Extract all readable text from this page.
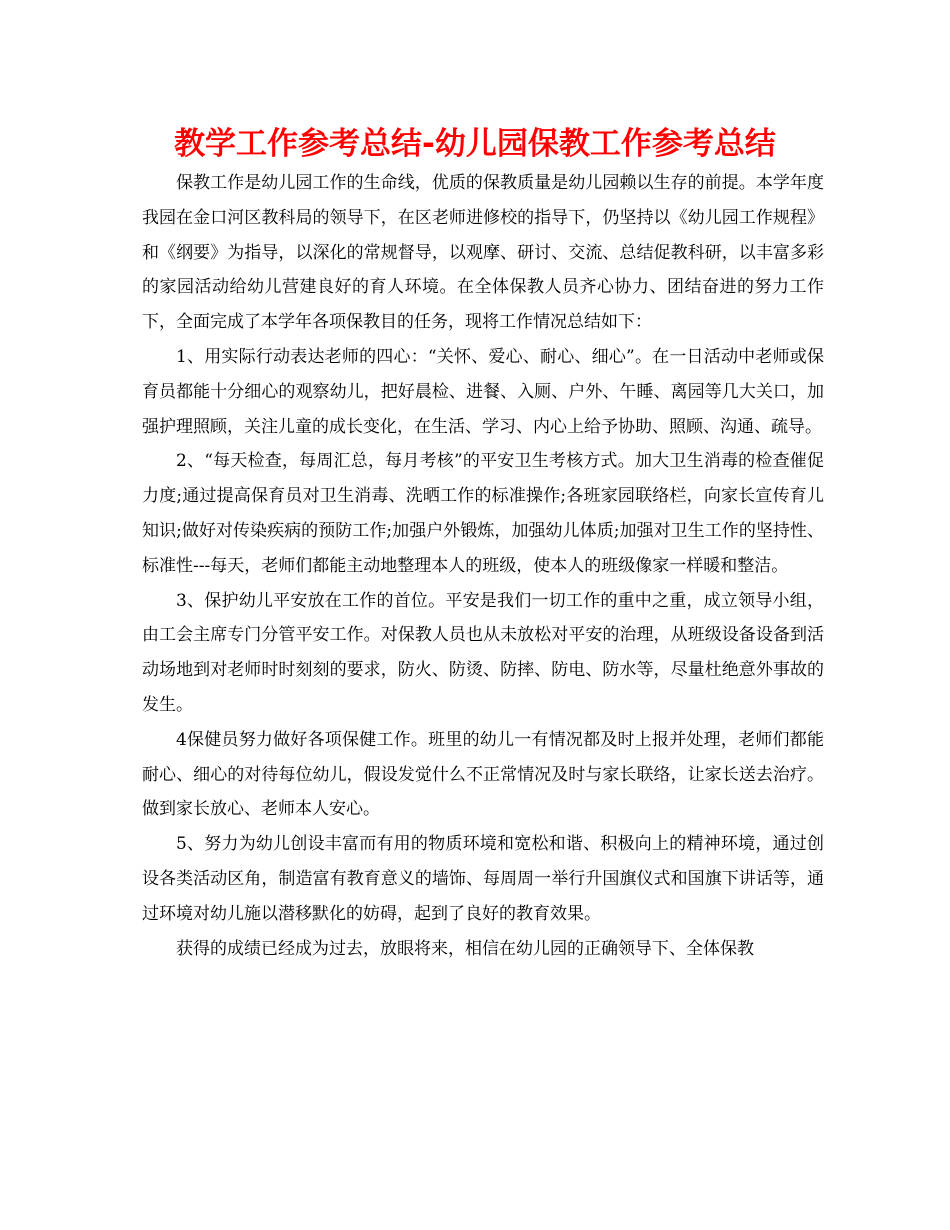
教学工作参考总结-幼儿园保教工作参考总结

保教工作是幼儿园工作的生命线，优质的保教质量是幼儿园赖以生存的前提。本学年度我园在金口河区教科局的领导下，在区老师进修校的指导下，仍坚持以《幼儿园工作规程》和《纲要》为指导，以深化的常规督导，以观摩、研讨、交流、总结促教科研，以丰富多彩的家园活动给幼儿营建良好的育人环境。在全体保教人员齐心协力、团结奋进的努力工作下，全面完成了本学年各项保教目的任务，现将工作情况总结如下：

1、用实际行动表达老师的四心：“关怀、爱心、耐心、细心”。在一日活动中老师或保育员都能十分细心的观察幼儿，把好晨检、进餐、入厕、户外、午睡、离园等几大关口，加强护理照顾，关注儿童的成长变化，在生活、学习、内心上给予协助、照顾、沟通、疏导。

2、“每天检查，每周汇总，每月考核”的平安卫生考核方式。加大卫生消毒的检查催促力度;通过提高保育员对卫生消毒、洗晒工作的标准操作;各班家园联络栏，向家长宣传育儿知识;做好对传染疾病的预防工作;加强户外锻炼，加强幼儿体质;加强对卫生工作的坚持性、标准性---每天，老师们都能主动地整理本人的班级，使本人的班级像家一样暖和整洁。

3、保护幼儿平安放在工作的首位。平安是我们一切工作的重中之重，成立领导小组，由工会主席专门分管平安工作。对保教人员也从未放松对平安的治理，从班级设备设备到活动场地到对老师时时刻刻的要求，防火、防烫、防摔、防电、防水等，尽量杜绝意外事故的发生。

4保健员努力做好各项保健工作。班里的幼儿一有情况都及时上报并处理，老师们都能耐心、细心的对待每位幼儿，假设发觉什么不正常情况及时与家长联络，让家长送去治疗。做到家长放心、老师本人安心。

5、努力为幼儿创设丰富而有用的物质环境和宽松和谐、积极向上的精神环境，通过创设各类活动区角，制造富有教育意义的墙饰、每周周一举行升国旗仪式和国旗下讲话等，通过环境对幼儿施以潜移默化的妨碍，起到了良好的教育效果。

获得的成绩已经成为过去，放眼将来，相信在幼儿园的正确领导下、全体保教
